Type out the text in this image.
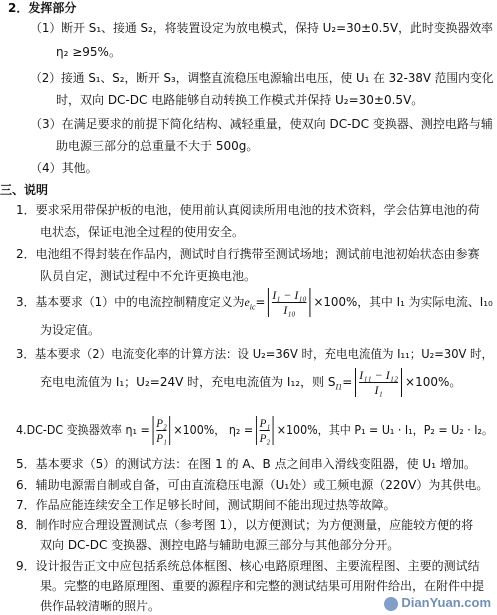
2．发挥部分
（1）断开 S₁、接通 S₂，将装置设定为放电模式，保持 U₂=30±0.5V，此时变换器效率
η₂ ≥95%。
（2）接通 S₁、S₂，断开 S₃，调整直流稳压电源输出电压，使 U₁ 在 32-38V 范围内变化
时，双向 DC-DC 电路能够自动转换工作模式并保持 U₂=30±0.5V。
（3）在满足要求的前提下简化结构、减轻重量，使双向 DC-DC 变换器、测控电路与辅
助电源三部分的总重量不大于 500g。
（4）其他。
三、说明
1．要求采用带保护板的电池，使用前认真阅读所用电池的技术资料，学会估算电池的荷
电状态，保证电池全过程的使用安全。
2．电池组不得封装在作品内，测试时自行携带至测试场地；测试前电池初始状态由参赛
队员自定，测试过程中不允许更换电池。
3．基本要求（1）中的电流控制精度定义为$e_{ic}= \frac{\text{I₁ − I₁₀}}{\text{I₁₀}} \times 100\%$，其中 I₁ 为实际电流、I₁₀
为设定值。
3．基本要求（2）电流变化率的计算方法：设 U₂=36V 时，充电电流值为 I₁₁；U₂=30V 时，
充电电流值为 I₁；U₂=24V 时，充电电流值为 I₁₂，则 $S_{I1}= \frac{\text{I₁₁ − I₁₂}}{\text{I₁}} \times 100\%$。
4.DC-DC 变换器效率 $\eta_1 = \frac{\text{P₂}}{\text{P₁}} \times 100\%$， $\eta_2 = \frac{\text{P₁}}{\text{P₂}} \times 100\%$，其中 P₁ = U₁ · I₁，P₂ = U₂ · I₂。
5．基本要求（5）的测试方法：在图 1 的 A、B 点之间串入滑线变阻器，使 U₁ 增加。
6．辅助电源需自制或自备，可由直流稳压电源（U₁处）或工频电源（220V）为其供电。
7．作品应能连续安全工作足够长时间，测试期间不能出现过热等故障。
8．制作时应合理设置测试点（参考图 1），以方便测试；为方便测量，应能较方便的将
双向 DC-DC 变换器、测控电路与辅助电源三部分与其他部分分开。
9．设计报告正文中应包括系统总体框图、核心电路原理图、主要流程图、主要的测试结
果。完整的电路原理图、重要的源程序和完整的测试结果可用附件给出，在附件中提
供作品较清晰的照片。	DianYuan.com
